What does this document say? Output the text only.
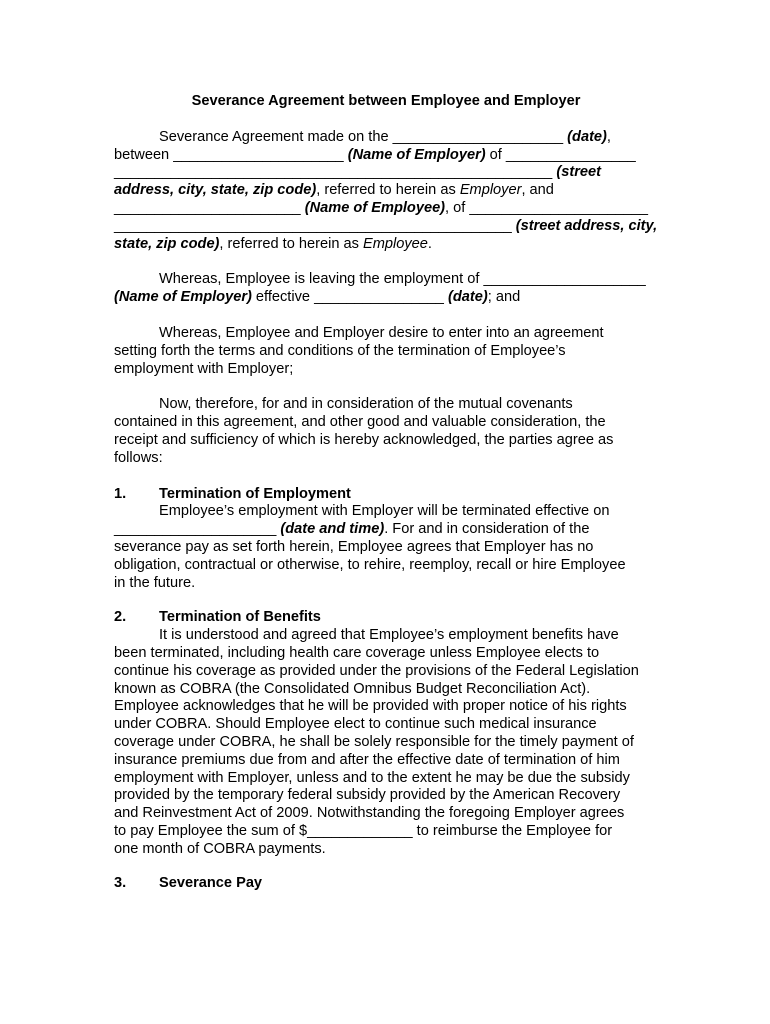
Severance Agreement between Employee and Employer
Severance Agreement made on the _____________________ (date),
between _____________________ (Name of Employer) of ________________
______________________________________________________ (street
address, city, state, zip code), referred to herein as Employer, and
_______________________ (Name of Employee), of ______________________
_________________________________________________ (street address, city,
state, zip code), referred to herein as Employee.
Whereas, Employee is leaving the employment of ____________________
(Name of Employer) effective ________________ (date); and
Whereas, Employee and Employer desire to enter into an agreement
setting forth the terms and conditions of the termination of Employee’s
employment with Employer;
Now, therefore, for and in consideration of the mutual covenants
contained in this agreement, and other good and valuable consideration, the
receipt and sufficiency of which is hereby acknowledged, the parties agree as
follows:
1. Termination of Employment
Employee’s employment with Employer will be terminated effective on
____________________ (date and time). For and in consideration of the
severance pay as set forth herein, Employee agrees that Employer has no
obligation, contractual or otherwise, to rehire, reemploy, recall or hire Employee
in the future.
2. Termination of Benefits
It is understood and agreed that Employee’s employment benefits have
been terminated, including health care coverage unless Employee elects to
continue his coverage as provided under the provisions of the Federal Legislation
known as COBRA (the Consolidated Omnibus Budget Reconciliation Act).
Employee acknowledges that he will be provided with proper notice of his rights
under COBRA. Should Employee elect to continue such medical insurance
coverage under COBRA, he shall be solely responsible for the timely payment of
insurance premiums due from and after the effective date of termination of him
employment with Employer, unless and to the extent he may be due the subsidy
provided by the temporary federal subsidy provided by the American Recovery
and Reinvestment Act of 2009. Notwithstanding the foregoing Employer agrees
to pay Employee the sum of $_____________ to reimburse the Employee for
one month of COBRA payments.
3. Severance Pay
